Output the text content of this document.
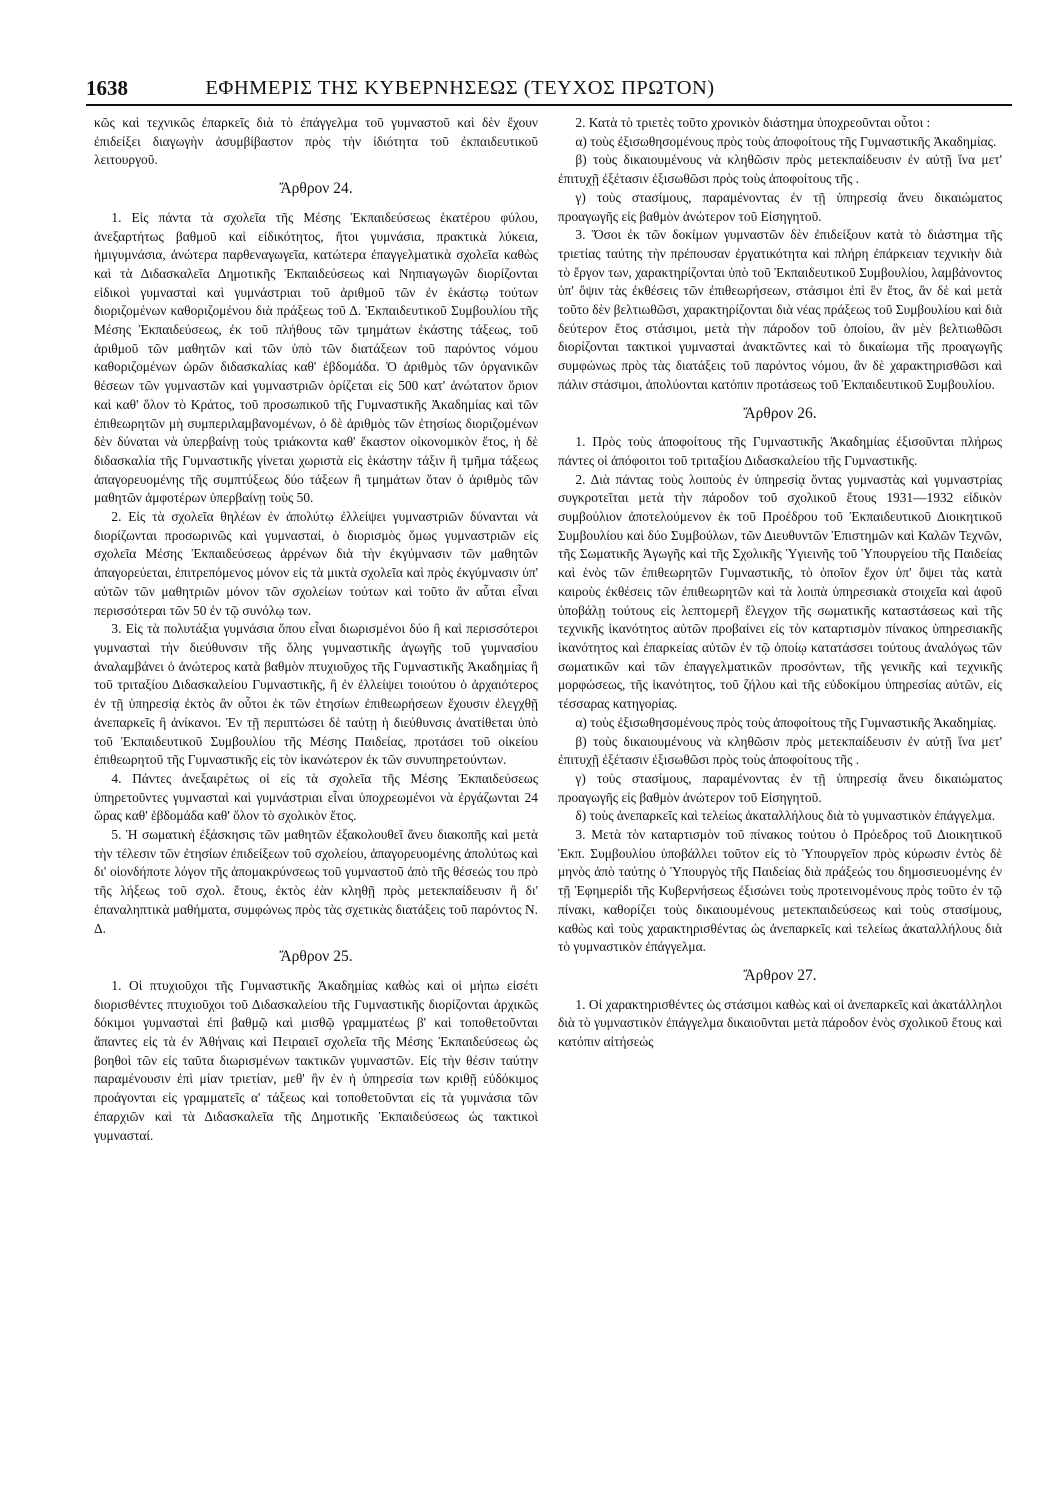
1638	ΕΦΗΜΕΡΙΣ ΤΗΣ ΚΥΒΕΡΝΗΣΕΩΣ (ΤΕΥΧΟΣ ΠΡΩΤΟΝ)

κῶς καὶ τεχνικῶς ἐπαρκεῖς διὰ τὸ ἐπάγγελμα τοῦ γυμναστοῦ καὶ δὲν ἔχουν ἐπιδείξει διαγωγὴν ἀσυμβίβαστον πρὸς τὴν ἰδιότητα τοῦ ἐκπαιδευτικοῦ λειτουργοῦ.

Ἄρθρον 24.

1. Εἰς πάντα τὰ σχολεῖα τῆς Μέσης Ἐκπαιδεύσεως ἑκατέρου φύλου, ἀνεξαρτήτως βαθμοῦ καὶ εἰδικότητος, ἤτοι γυμνάσια, πρακτικὰ λύκεια, ἡμιγυμνάσια, ἀνώτερα παρθεναγωγεῖα, κατώτερα ἐπαγγελματικὰ σχολεῖα καθὼς καὶ τὰ Διδασκαλεῖα Δημοτικῆς Ἐκπαιδεύσεως καὶ Νηπιαγωγῶν διορίζονται εἰδικοὶ γυμνασταὶ καὶ γυμνάστριαι τοῦ ἀριθμοῦ τῶν ἐν ἑκάστῳ τούτων διοριζομένων καθοριζομένου διὰ πράξεως τοῦ Δ. Ἐκπαιδευτικοῦ Συμβουλίου τῆς Μέσης Ἐκπαιδεύσεως, ἐκ τοῦ πλήθους τῶν τμημάτων ἑκάστης τάξεως, τοῦ ἀριθμοῦ τῶν μαθητῶν καὶ τῶν ὑπὸ τῶν διατάξεων τοῦ παρόντος νόμου καθοριζομένων ὡρῶν διδασκαλίας καθ' ἑβδομάδα. Ὁ ἀριθμὸς τῶν ὀργανικῶν θέσεων τῶν γυμναστῶν καὶ γυμναστριῶν ὁρίζεται εἰς 500 κατ' ἀνώτατον ὅριον καὶ καθ' ὅλον τὸ Κράτος, τοῦ προσωπικοῦ τῆς Γυμναστικῆς Ἀκαδημίας καὶ τῶν ἐπιθεωρητῶν μὴ συμπεριλαμβανομένων, ὁ δὲ ἀριθμὸς τῶν ἐτησίως διοριζομένων δὲν δύναται νὰ ὑπερβαίνῃ τοὺς τριάκοντα καθ' ἕκαστον οἰκονομικὸν ἔτος, ἡ δὲ διδασκαλία τῆς Γυμναστικῆς γίνεται χωριστὰ εἰς ἑκάστην τάξιν ἢ τμῆμα τάξεως ἀπαγορευομένης τῆς συμπτύξεως δύο τάξεων ἢ τμημάτων ὅταν ὁ ἀριθμὸς τῶν μαθητῶν ἀμφοτέρων ὑπερβαίνῃ τοὺς 50.

2. Εἰς τὰ σχολεῖα θηλέων ἐν ἀπολύτῳ ἐλλείψει γυμναστριῶν δύνανται νὰ διορίζωνται προσωρινῶς καὶ γυμνασταί, ὁ διορισμὸς ὅμως γυμναστριῶν εἰς σχολεῖα Μέσης Ἐκπαιδεύσεως ἀρρένων διὰ τὴν ἐκγύμνασιν τῶν μαθητῶν ἀπαγορεύεται, ἐπιτρεπόμενος μόνον εἰς τὰ μικτὰ σχολεῖα καὶ πρὸς ἐκγύμνασιν ὑπ' αὐτῶν τῶν μαθητριῶν μόνον τῶν σχολείων τούτων καὶ τοῦτο ἂν αὗται εἶναι περισσότεραι τῶν 50 ἐν τῷ συνόλῳ των.

3. Εἰς τὰ πολυτάξια γυμνάσια ὅπου εἶναι διωρισμένοι δύο ἢ καὶ περισσότεροι γυμνασταὶ τὴν διεύθυνσιν τῆς ὅλης γυμναστικῆς ἀγωγῆς τοῦ γυμνασίου ἀναλαμβάνει ὁ ἀνώτερος κατὰ βαθμὸν πτυχιοῦχος τῆς Γυμναστικῆς Ἀκαδημίας ἢ τοῦ τριταξίου Διδασκαλείου Γυμναστικῆς, ἢ ἐν ἐλλείψει τοιούτου ὁ ἀρχαιότερος ἐν τῇ ὑπηρεσίᾳ ἐκτὸς ἂν οὗτοι ἐκ τῶν ἐτησίων ἐπιθεωρήσεων ἔχουσιν ἐλεγχθῇ ἀνεπαρκεῖς ἢ ἀνίκανοι. Ἐν τῇ περιπτώσει δὲ ταύτῃ ἡ διεύθυνσις ἀνατίθεται ὑπὸ τοῦ Ἐκπαιδευτικοῦ Συμβουλίου τῆς Μέσης Παιδείας, προτάσει τοῦ οἰκείου ἐπιθεωρητοῦ τῆς Γυμναστικῆς εἰς τὸν ἱκανώτερον ἐκ τῶν συνυπηρετούντων.

4. Πάντες ἀνεξαιρέτως οἱ εἰς τὰ σχολεῖα τῆς Μέσης Ἐκπαιδεύσεως ὑπηρετοῦντες γυμνασταὶ καὶ γυμνάστριαι εἶναι ὑποχρεωμένοι νὰ ἐργάζωνται 24 ὥρας καθ' ἑβδομάδα καθ' ὅλον τὸ σχολικὸν ἔτος.

5. Ἡ σωματικὴ ἐξάσκησις τῶν μαθητῶν ἐξακολουθεῖ ἄνευ διακοπῆς καὶ μετὰ τὴν τέλεσιν τῶν ἐτησίων ἐπιδείξεων τοῦ σχολείου, ἀπαγορευομένης ἀπολύτως καὶ δι' οἱονδήποτε λόγον τῆς ἀπομακρύνσεως τοῦ γυμναστοῦ ἀπὸ τῆς θέσεώς του πρὸ τῆς λήξεως τοῦ σχολ. ἔτους, ἐκτὸς ἐὰν κληθῇ πρὸς μετεκπαίδευσιν ἢ δι' ἐπαναληπτικὰ μαθήματα, συμφώνως πρὸς τὰς σχετικὰς διατάξεις τοῦ παρόντος Ν. Δ.

Ἄρθρον 25.

1. Οἱ πτυχιοῦχοι τῆς Γυμναστικῆς Ἀκαδημίας καθὼς καὶ οἱ μήπω εἰσέτι διορισθέντες πτυχιοῦχοι τοῦ Διδασκαλείου τῆς Γυμναστικῆς διορίζονται ἀρχικῶς δόκιμοι γυμνασταὶ ἐπὶ βαθμῷ καὶ μισθῷ γραμματέως β' καὶ τοποθετοῦνται ἅπαντες εἰς τὰ ἐν Ἀθήναις καὶ Πειραιεῖ σχολεῖα τῆς Μέσης Ἐκπαιδεύσεως ὡς βοηθοὶ τῶν εἰς ταῦτα διωρισμένων τακτικῶν γυμναστῶν. Εἰς τὴν θέσιν ταύτην παραμένουσιν ἐπὶ μίαν τριετίαν, μεθ' ἣν ἐν ἡ ὑπηρεσία των κριθῇ εὐδόκιμος προάγονται εἰς γραμματεῖς α' τάξεως καὶ τοποθετοῦνται εἰς τὰ γυμνάσια τῶν ἐπαρχιῶν καὶ τὰ Διδασκαλεῖα τῆς Δημοτικῆς Ἐκπαιδεύσεως ὡς τακτικοὶ γυμνασταί.

2. Κατὰ τὸ τριετὲς τοῦτο χρονικὸν διάστημα ὑποχρεοῦνται οὗτοι :

α) τοὺς ἐξισωθησομένους πρὸς τοὺς ἀποφοίτους τῆς Γυμναστικῆς Ἀκαδημίας.

β) τοὺς δικαιουμένους νὰ κληθῶσιν πρὸς μετεκπαίδευσιν ἐν αὐτῇ ἵνα μετ' ἐπιτυχῇ ἐξέτασιν ἐξισωθῶσι πρὸς τοὺς ἀποφοίτους τῆς .

γ) τοὺς στασίμους, παραμένοντας ἐν τῇ ὑπηρεσίᾳ ἄνευ δικαιώματος προαγωγῆς εἰς βαθμὸν ἀνώτερον τοῦ Εἰσηγητοῦ.

3. Ὅσοι ἐκ τῶν δοκίμων γυμναστῶν δὲν ἐπιδείξουν κατὰ τὸ διάστημα τῆς τριετίας ταύτης τὴν πρέπουσαν ἐργατικότητα καὶ πλήρη ἐπάρκειαν τεχνικὴν διὰ τὸ ἔργον των, χαρακτηρίζονται ὑπὸ τοῦ Ἐκπαιδευτικοῦ Συμβουλίου, λαμβάνοντος ὑπ' ὄψιν τὰς ἐκθέσεις τῶν ἐπιθεωρήσεων, στάσιμοι ἐπὶ ἓν ἔτος, ἂν δὲ καὶ μετὰ τοῦτο δὲν βελτιωθῶσι, χαρακτηρίζονται διὰ νέας πράξεως τοῦ Συμβουλίου καὶ διὰ δεύτερον ἔτος στάσιμοι, μετὰ τὴν πάροδον τοῦ ὁποίου, ἂν μὲν βελτιωθῶσι διορίζονται τακτικοὶ γυμνασταὶ ἀνακτῶντες καὶ τὸ δικαίωμα τῆς προαγωγῆς συμφώνως πρὸς τὰς διατάξεις τοῦ παρόντος νόμου, ἂν δὲ χαρακτηρισθῶσι καὶ πάλιν στάσιμοι, ἀπολύονται κατόπιν προτάσεως τοῦ Ἐκπαιδευτικοῦ Συμβουλίου.

Ἄρθρον 26.

1. Πρὸς τοὺς ἀποφοίτους τῆς Γυμναστικῆς Ἀκαδημίας ἐξισοῦνται πλήρως πάντες οἱ ἀπόφοιτοι τοῦ τριταξίου Διδασκαλείου τῆς Γυμναστικῆς.

2. Διὰ πάντας τοὺς λοιποὺς ἐν ὑπηρεσίᾳ ὄντας γυμναστὰς καὶ γυμναστρίας συγκροτεῖται μετὰ τὴν πάροδον τοῦ σχολικοῦ ἔτους 1931—1932 εἰδικὸν συμβούλιον ἀποτελούμενον ἐκ τοῦ Προέδρου τοῦ Ἐκπαιδευτικοῦ Διοικητικοῦ Συμβουλίου καὶ δύο Συμβούλων, τῶν Διευθυντῶν Ἐπιστημῶν καὶ Καλῶν Τεχνῶν, τῆς Σωματικῆς Ἀγωγῆς καὶ τῆς Σχολικῆς Ὑγιεινῆς τοῦ Ὑπουργείου τῆς Παιδείας καὶ ἑνὸς τῶν ἐπιθεωρητῶν Γυμναστικῆς, τὸ ὁποῖον ἔχον ὑπ' ὄψει τὰς κατὰ καιροὺς ἐκθέσεις τῶν ἐπιθεωρητῶν καὶ τὰ λοιπὰ ὑπηρεσιακὰ στοιχεῖα καὶ ἀφοῦ ὑποβάλῃ τούτους εἰς λεπτομερῆ ἔλεγχον τῆς σωματικῆς καταστάσεως καὶ τῆς τεχνικῆς ἱκανότητος αὐτῶν προβαίνει εἰς τὸν καταρτισμὸν πίνακος ὑπηρεσιακῆς ἱκανότητος καὶ ἐπαρκείας αὐτῶν ἐν τῷ ὁποίῳ κατατάσσει τούτους ἀναλόγως τῶν σωματικῶν καὶ τῶν ἐπαγγελματικῶν προσόντων, τῆς γενικῆς καὶ τεχνικῆς μορφώσεως, τῆς ἱκανότητος, τοῦ ζήλου καὶ τῆς εὐδοκίμου ὑπηρεσίας αὐτῶν, εἰς τέσσαρας κατηγορίας.

α) τοὺς ἐξισωθησομένους πρὸς τοὺς ἀποφοίτους τῆς Γυμναστικῆς Ἀκαδημίας.

β) τοὺς δικαιουμένους νὰ κληθῶσιν πρὸς μετεκπαίδευσιν ἐν αὐτῇ ἵνα μετ' ἐπιτυχῇ ἐξέτασιν ἐξισωθῶσι πρὸς τοὺς ἀποφοίτους τῆς .

γ) τοὺς στασίμους, παραμένοντας ἐν τῇ ὑπηρεσίᾳ ἄνευ δικαιώματος προαγωγῆς εἰς βαθμὸν ἀνώτερον τοῦ Εἰσηγητοῦ.

δ) τοὺς ἀνεπαρκεῖς καὶ τελείως ἀκαταλλήλους διὰ τὸ γυμναστικὸν ἐπάγγελμα.

3. Μετὰ τὸν καταρτισμὸν τοῦ πίνακος τούτου ὁ Πρόεδρος τοῦ Διοικητικοῦ Ἐκπ. Συμβουλίου ὑποβάλλει τοῦτον εἰς τὸ Ὑπουργεῖον πρὸς κύρωσιν ἐντὸς δὲ μηνὸς ἀπὸ ταύτης ὁ Ὑπουργὸς τῆς Παιδείας διὰ πράξεώς του δημοσιευομένης ἐν τῇ Ἐφημερίδι τῆς Κυβερνήσεως ἐξισώνει τοὺς προτεινομένους πρὸς τοῦτο ἐν τῷ πίνακι, καθορίζει τοὺς δικαιουμένους μετεκπαιδεύσεως καὶ τοὺς στασίμους, καθὼς καὶ τοὺς χαρακτηρισθέντας ὡς ἀνεπαρκεῖς καὶ τελείως ἀκαταλλήλους διὰ τὸ γυμναστικὸν ἐπάγγελμα.

Ἄρθρον 27.

1. Οἱ χαρακτηρισθέντες ὡς στάσιμοι καθὼς καὶ οἱ ἀνεπαρκεῖς καὶ ἀκατάλληλοι διὰ τὸ γυμναστικὸν ἐπάγγελμα δικαιοῦνται μετὰ πάροδον ἑνὸς σχολικοῦ ἔτους καὶ κατόπιν αἰτήσεώς
